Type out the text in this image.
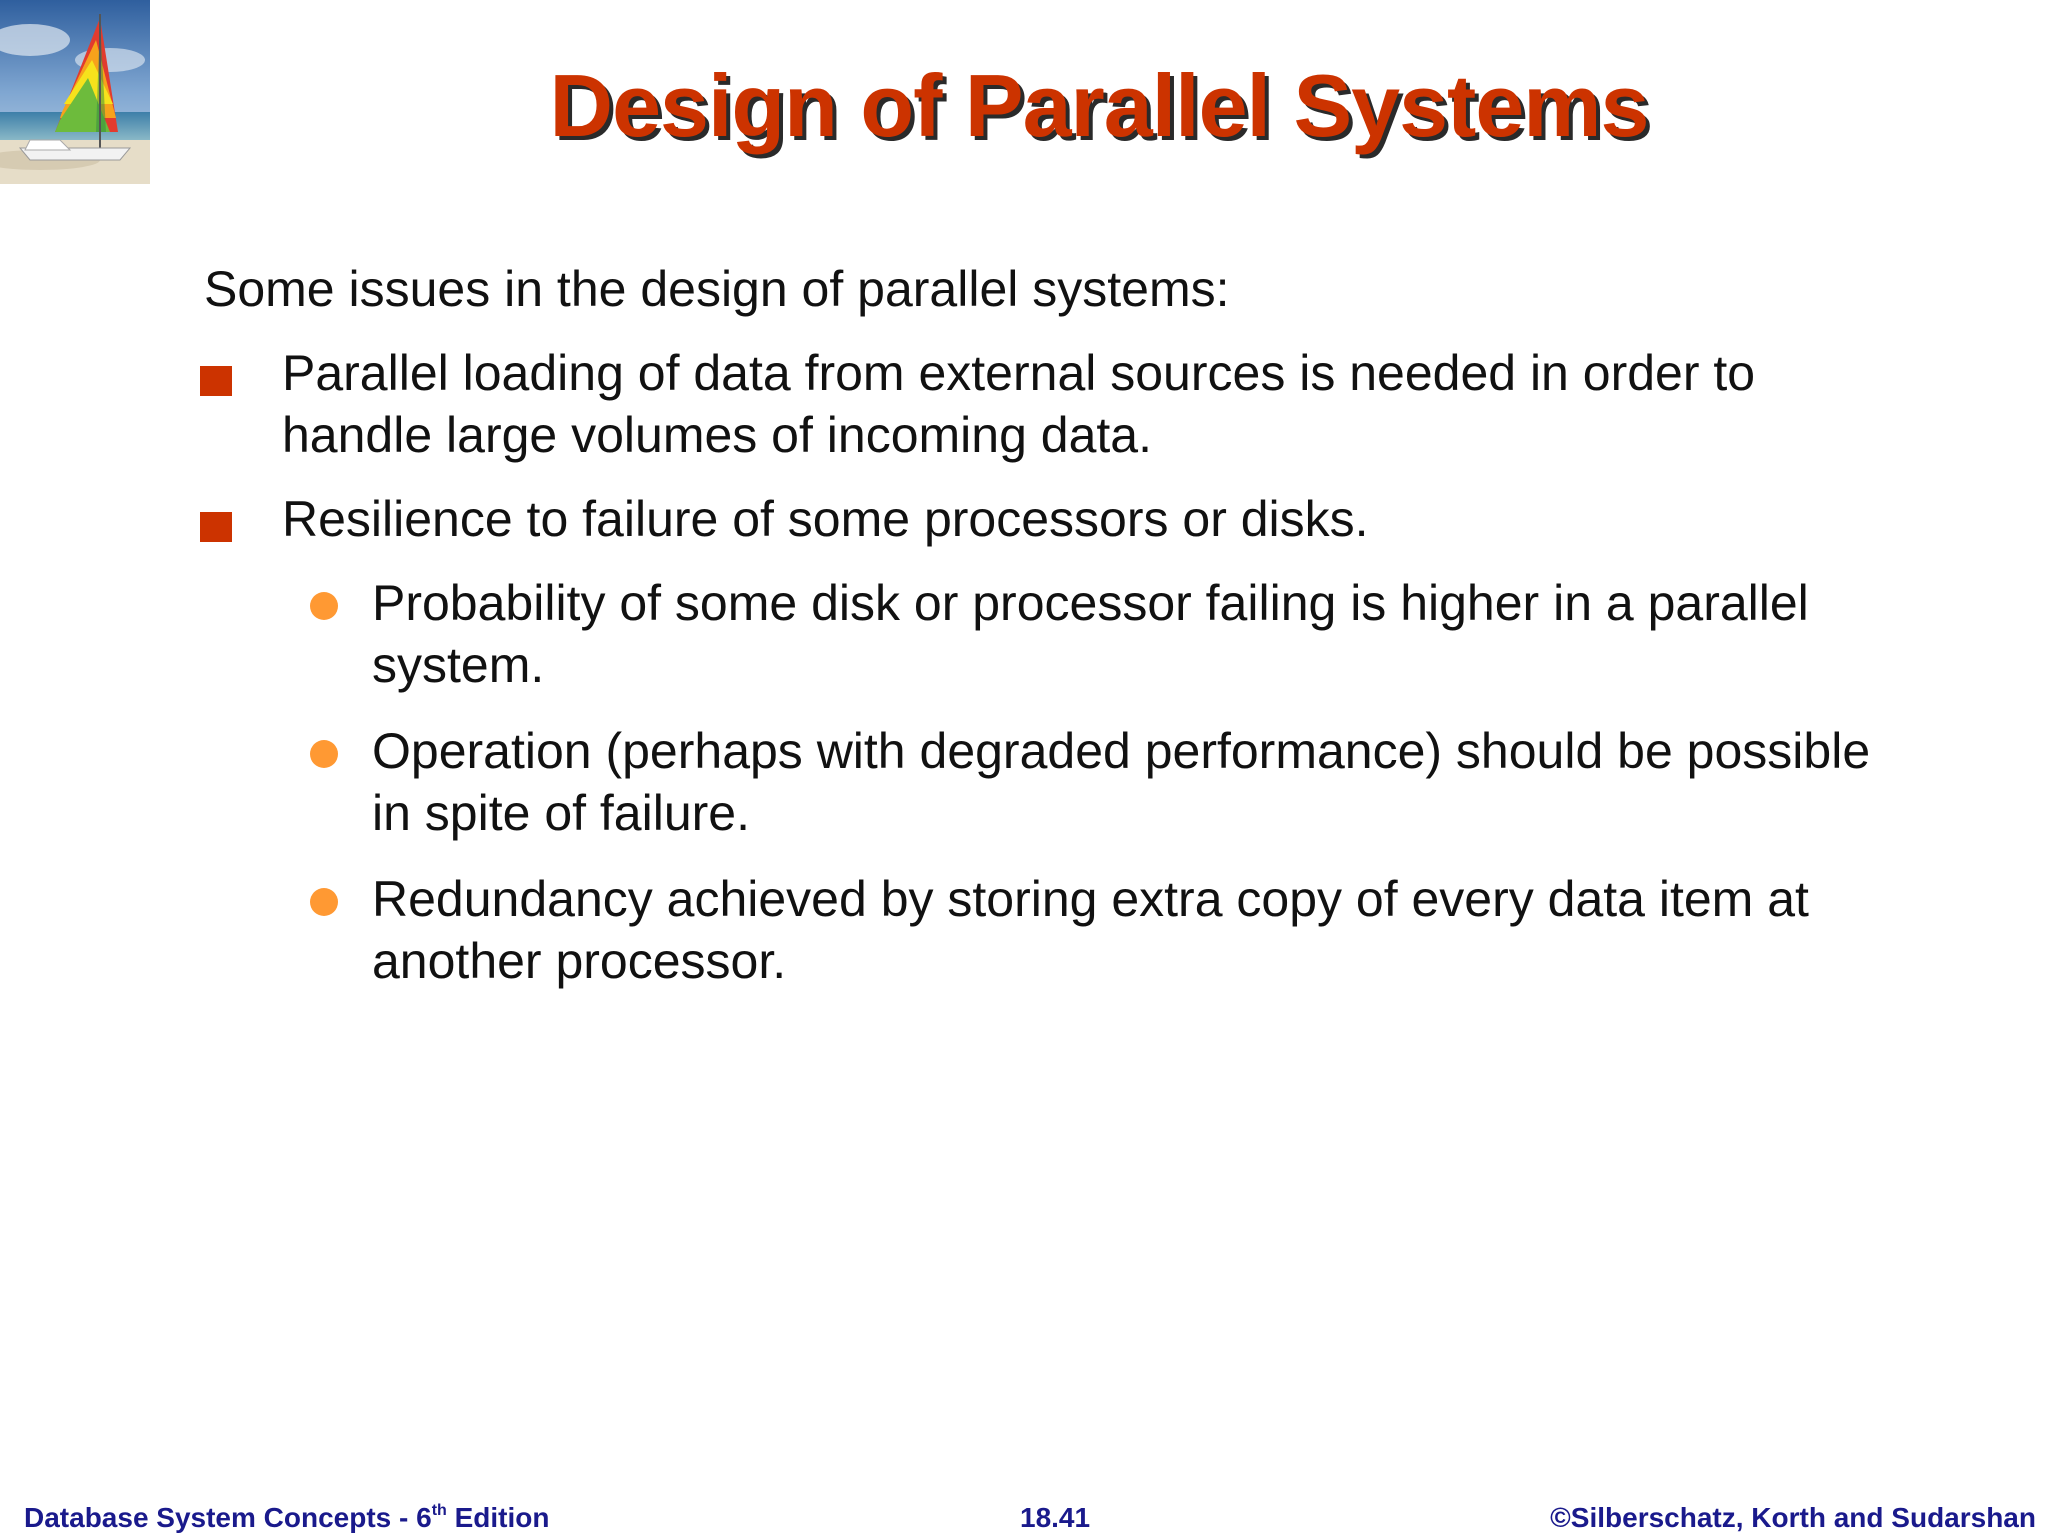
Design of Parallel Systems
Some issues in the design of parallel systems:
Parallel loading of data from external sources is needed in order to handle large volumes of incoming data.
Resilience to failure of some processors or disks.
Probability of some disk or processor failing is higher in a parallel system.
Operation (perhaps with degraded performance) should be possible in spite of failure.
Redundancy achieved by storing extra copy of every data item at another processor.
Database System Concepts - 6th Edition	18.41	©Silberschatz, Korth and Sudarshan
